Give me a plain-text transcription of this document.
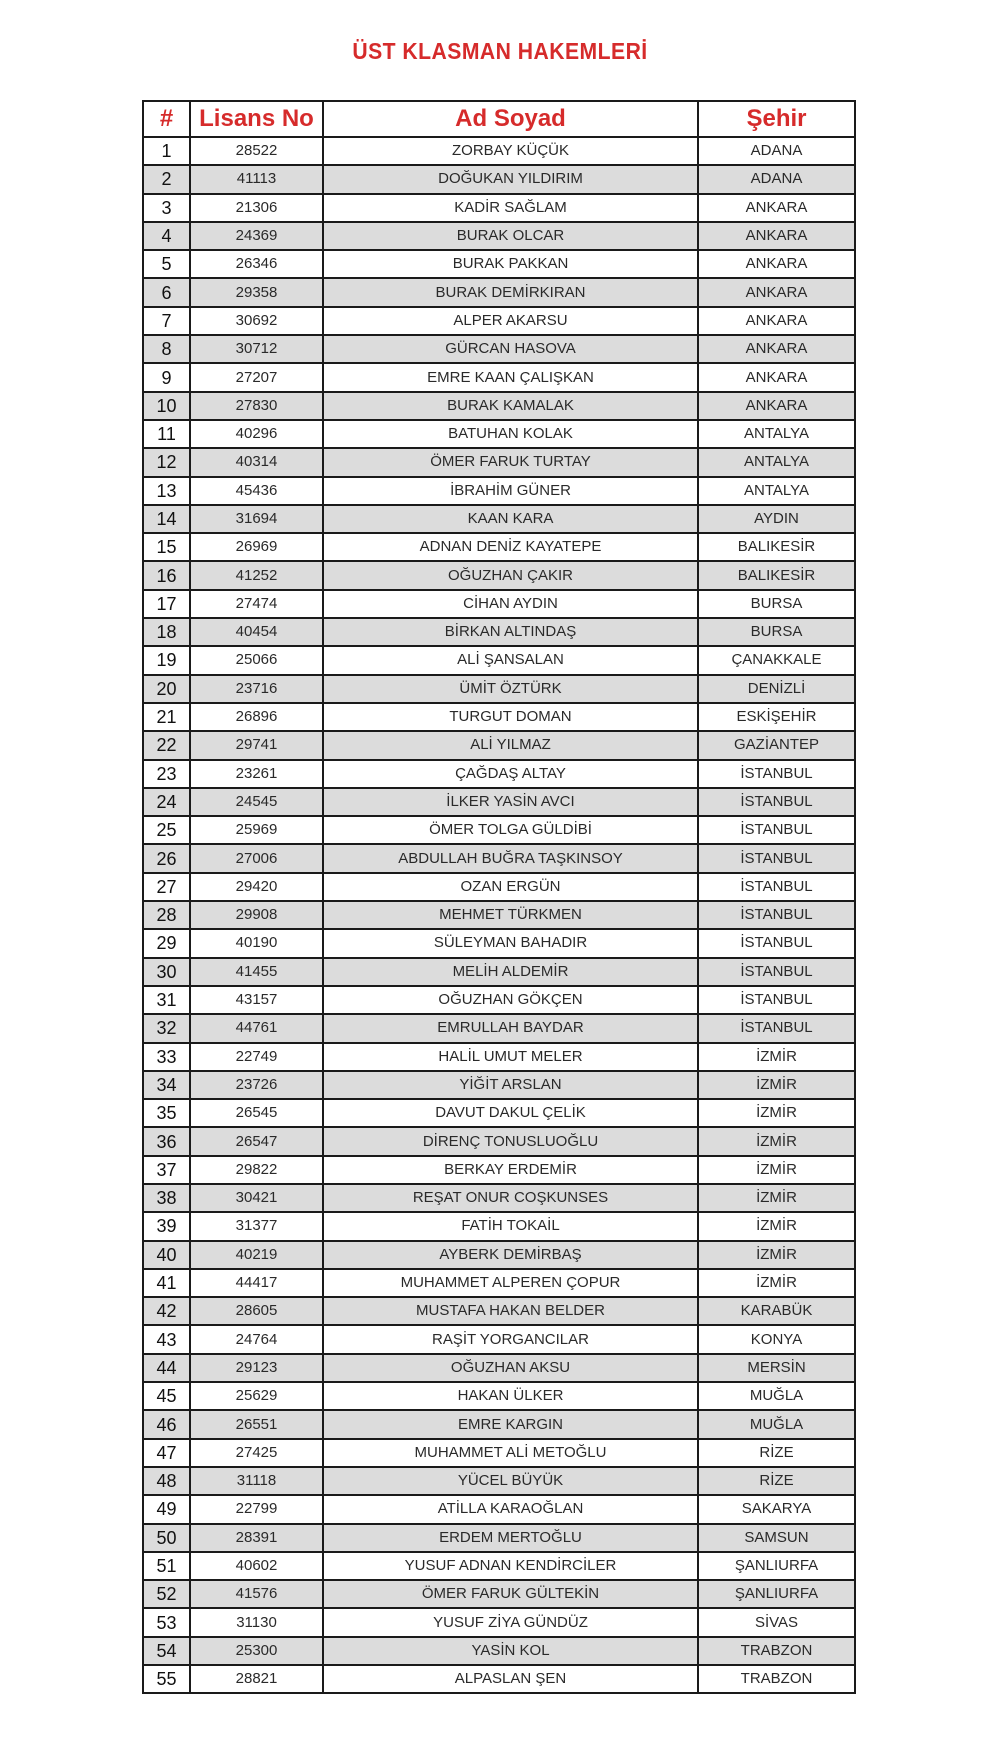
ÜST KLASMAN HAKEMLERİ
#	Lisans No	Ad Soyad	Şehir
1	28522	ZORBAY KÜÇÜK	ADANA
2	41113	DOĞUKAN YILDIRIM	ADANA
3	21306	KADİR SAĞLAM	ANKARA
4	24369	BURAK OLCAR	ANKARA
5	26346	BURAK PAKKAN	ANKARA
6	29358	BURAK DEMİRKIRAN	ANKARA
7	30692	ALPER AKARSU	ANKARA
8	30712	GÜRCAN HASOVA	ANKARA
9	27207	EMRE KAAN ÇALIŞKAN	ANKARA
10	27830	BURAK KAMALAK	ANKARA
11	40296	BATUHAN KOLAK	ANTALYA
12	40314	ÖMER FARUK TURTAY	ANTALYA
13	45436	İBRAHİM GÜNER	ANTALYA
14	31694	KAAN KARA	AYDIN
15	26969	ADNAN DENİZ KAYATEPE	BALIKESİR
16	41252	OĞUZHAN ÇAKIR	BALIKESİR
17	27474	CİHAN AYDIN	BURSA
18	40454	BİRKAN ALTINDAŞ	BURSA
19	25066	ALİ ŞANSALAN	ÇANAKKALE
20	23716	ÜMİT ÖZTÜRK	DENİZLİ
21	26896	TURGUT DOMAN	ESKİŞEHİR
22	29741	ALİ YILMAZ	GAZİANTEP
23	23261	ÇAĞDAŞ ALTAY	İSTANBUL
24	24545	İLKER YASİN AVCI	İSTANBUL
25	25969	ÖMER TOLGA GÜLDİBİ	İSTANBUL
26	27006	ABDULLAH BUĞRA TAŞKINSOY	İSTANBUL
27	29420	OZAN ERGÜN	İSTANBUL
28	29908	MEHMET TÜRKMEN	İSTANBUL
29	40190	SÜLEYMAN BAHADIR	İSTANBUL
30	41455	MELİH ALDEMİR	İSTANBUL
31	43157	OĞUZHAN GÖKÇEN	İSTANBUL
32	44761	EMRULLAH BAYDAR	İSTANBUL
33	22749	HALİL UMUT MELER	İZMİR
34	23726	YİĞİT ARSLAN	İZMİR
35	26545	DAVUT DAKUL ÇELİK	İZMİR
36	26547	DİRENÇ TONUSLUOĞLU	İZMİR
37	29822	BERKAY ERDEMİR	İZMİR
38	30421	REŞAT ONUR COŞKUNSES	İZMİR
39	31377	FATİH TOKAİL	İZMİR
40	40219	AYBERK DEMİRBAŞ	İZMİR
41	44417	MUHAMMET ALPEREN ÇOPUR	İZMİR
42	28605	MUSTAFA HAKAN BELDER	KARABÜK
43	24764	RAŞİT YORGANCILAR	KONYA
44	29123	OĞUZHAN AKSU	MERSİN
45	25629	HAKAN ÜLKER	MUĞLA
46	26551	EMRE KARGIN	MUĞLA
47	27425	MUHAMMET ALİ METOĞLU	RİZE
48	31118	YÜCEL BÜYÜK	RİZE
49	22799	ATİLLA KARAOĞLAN	SAKARYA
50	28391	ERDEM MERTOĞLU	SAMSUN
51	40602	YUSUF ADNAN KENDİRCİLER	ŞANLIURFA
52	41576	ÖMER FARUK GÜLTEKİN	ŞANLIURFA
53	31130	YUSUF ZİYA GÜNDÜZ	SİVAS
54	25300	YASİN KOL	TRABZON
55	28821	ALPASLAN ŞEN	TRABZON
